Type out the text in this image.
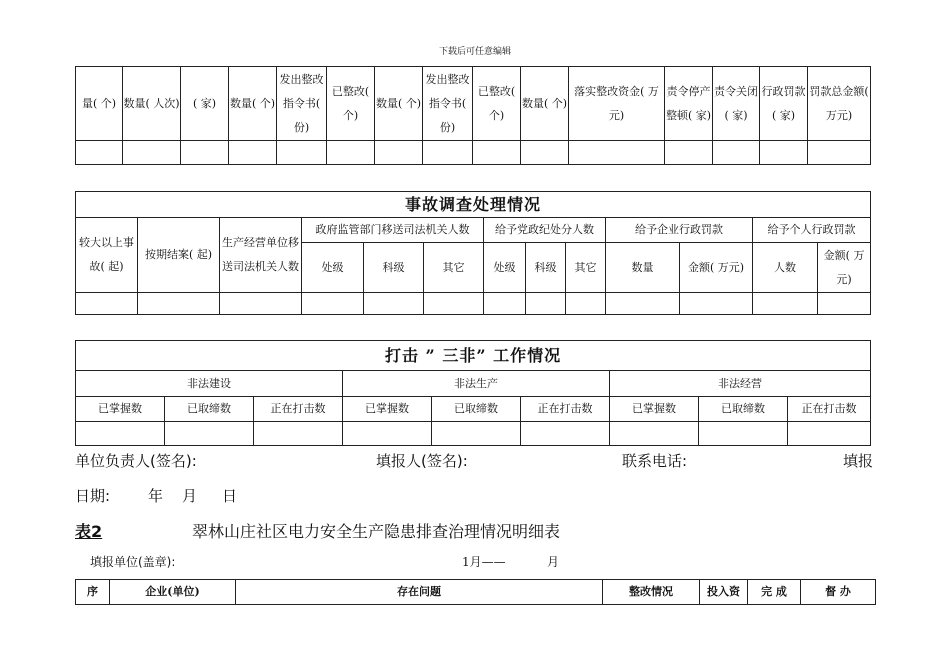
下载后可任意编辑
量( 个)	数量( 人次)	( 家)	数量( 个)	发出整改指令书( 份)	已整改( 个)	数量( 个)	发出整改指令书( 份)	已整改( 个)	数量( 个)	落实整改资金( 万元)	责令停产整顿( 家)	责令关闭( 家)	行政罚款( 家)	罚款总金额( 万元)

事故调查处理情况												
较大以上事故( 起)	按期结案( 起)	生产经营单位移送司法机关人数	政府监管部门移送司法机关人数			给予党政纪处分人数			给予企业行政罚款		给予个人行政罚款	
			处级	科级	其它	处级	科级	其它	数量	金额( 万元)	人数	金额( 万元)

打击 ” 三非” 工作情况								
非法建设			非法生产			非法经营		
已掌握数	已取缔数	正在打击数	已掌握数	已取缔数	正在打击数	已掌握数	已取缔数	正在打击数

单位负责人(签名):	填报人(签名):	联系电话:	填报
日期:	年 月 日
表2	翠林山庄社区电力安全生产隐患排查治理情况明细表
填报单位(盖章):	1月——	月
序	企业(单位)	存在问题	整改情况	投入资	完 成	督 办
